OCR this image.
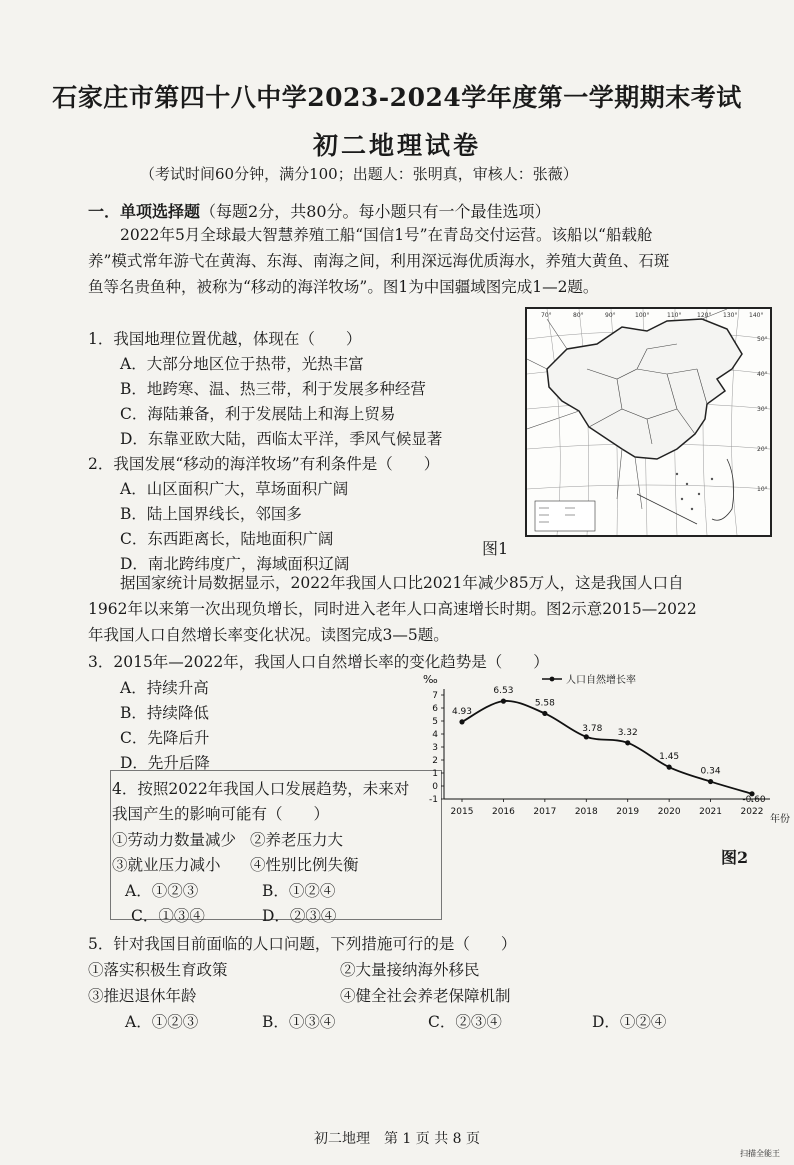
石家庄市第四十八中学2023-2024学年度第一学期期末考试
初二地理试卷
（考试时间60分钟，满分100；出题人：张明真，审核人：张薇）
一．单项选择题（每题2分，共80分。每小题只有一个最佳选项）
2022年5月全球最大智慧养殖工船“国信1号”在青岛交付运营。该船以“船载舱
养”模式常年游弋在黄海、东海、南海之间，利用深远海优质海水，养殖大黄鱼、石斑
鱼等名贵鱼种，被称为“移动的海洋牧场”。图1为中国疆域图完成1—2题。
1．我国地理位置优越，体现在（　　）
A．大部分地区位于热带，光热丰富
B．地跨寒、温、热三带，利于发展多种经营
C．海陆兼备，利于发展陆上和海上贸易
D．东靠亚欧大陆，西临太平洋，季风气候显著
2．我国发展“移动的海洋牧场”有利条件是（　　）
A．山区面积广大，草场面积广阔
B．陆上国界线长，邻国多
C．东西距离长，陆地面积广阔
D．南北跨纬度广，海域面积辽阔
70°	80°	90°	100°	110°	120° 130° 140°
50°
40°
30°
20°
10°
图1
据国家统计局数据显示，2022年我国人口比2021年减少85万人，这是我国人口自
1962年以来第一次出现负增长，同时进入老年人口高速增长时期。图2示意2015—2022
年我国人口自然增长率变化状况。读图完成3—5题。
3．2015年—2022年，我国人口自然增长率的变化趋势是（　　）
A．持续升高
B．持续降低
C．先降后升
D．先升后降
4．按照2022年我国人口发展趋势，未来对
我国产生的影响可能有（　　）
①劳动力数量减少 ②养老压力大
③就业压力减小 ④性别比例失衡
A．①②③	B．①②④
C．①③④	D．②③④
7
6
5
4
3
2
1
0
-1
2015 2016 2017 2018 2019 2020 2021 2022
4.93
6.53
5.58
3.78 3.32
1.45
0.34
-0.60
‰
年份
人口自然增长率
图2
5．针对我国目前面临的人口问题，下列措施可行的是（　　）
①落实积极生育政策	②大量接纳海外移民
③推迟退休年龄	④健全社会养老保障机制
A．①②③	B．①③④	C．②③④	D．①②④
初二地理　第 1 页 共 8 页
扫描全能王
